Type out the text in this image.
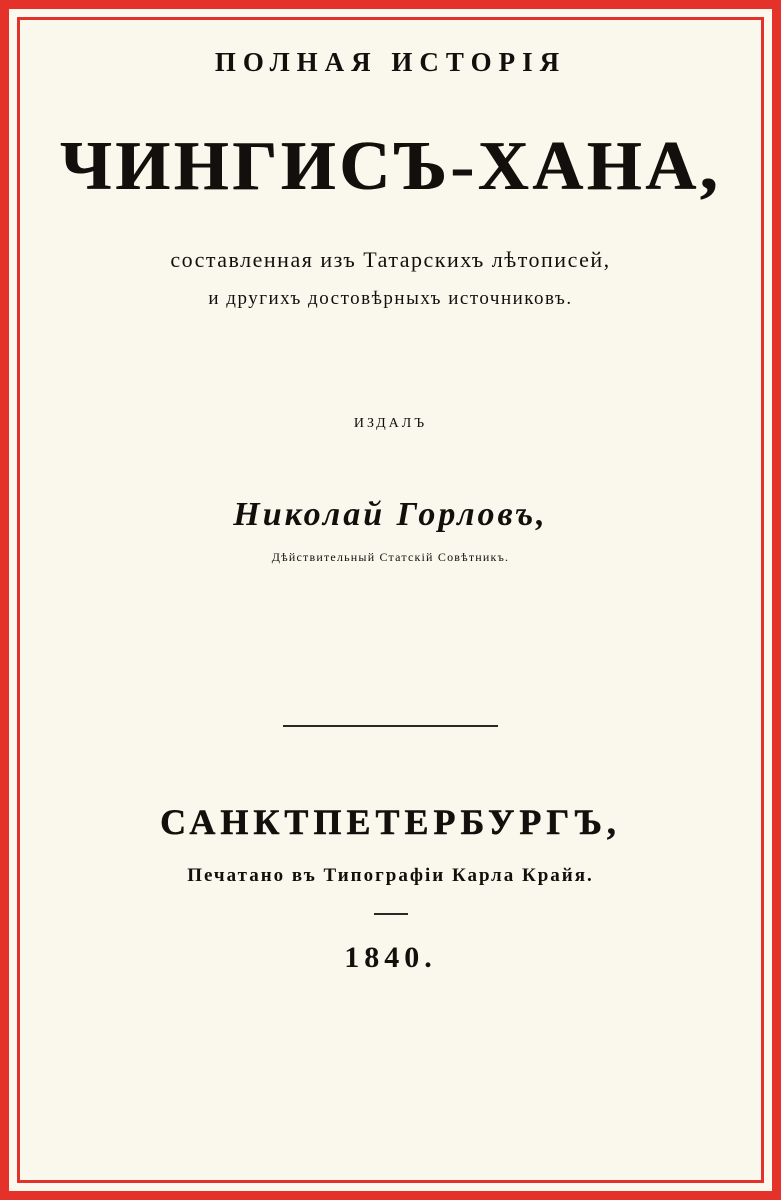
ПОЛНАЯ ИСТОРІЯ
ЧИНГИСЪ-ХАНА,
составленная изъ Татарскихъ лѣтописей,
и другихъ достовѣрныхъ источниковъ.
ИЗДАЛЪ
Николай Горловъ,
Дѣйствительный Статскій Совѣтникъ.
САНКТПЕТЕРБУРГЪ,
Печатано въ Типографіи Карла Крайя.
1840.
